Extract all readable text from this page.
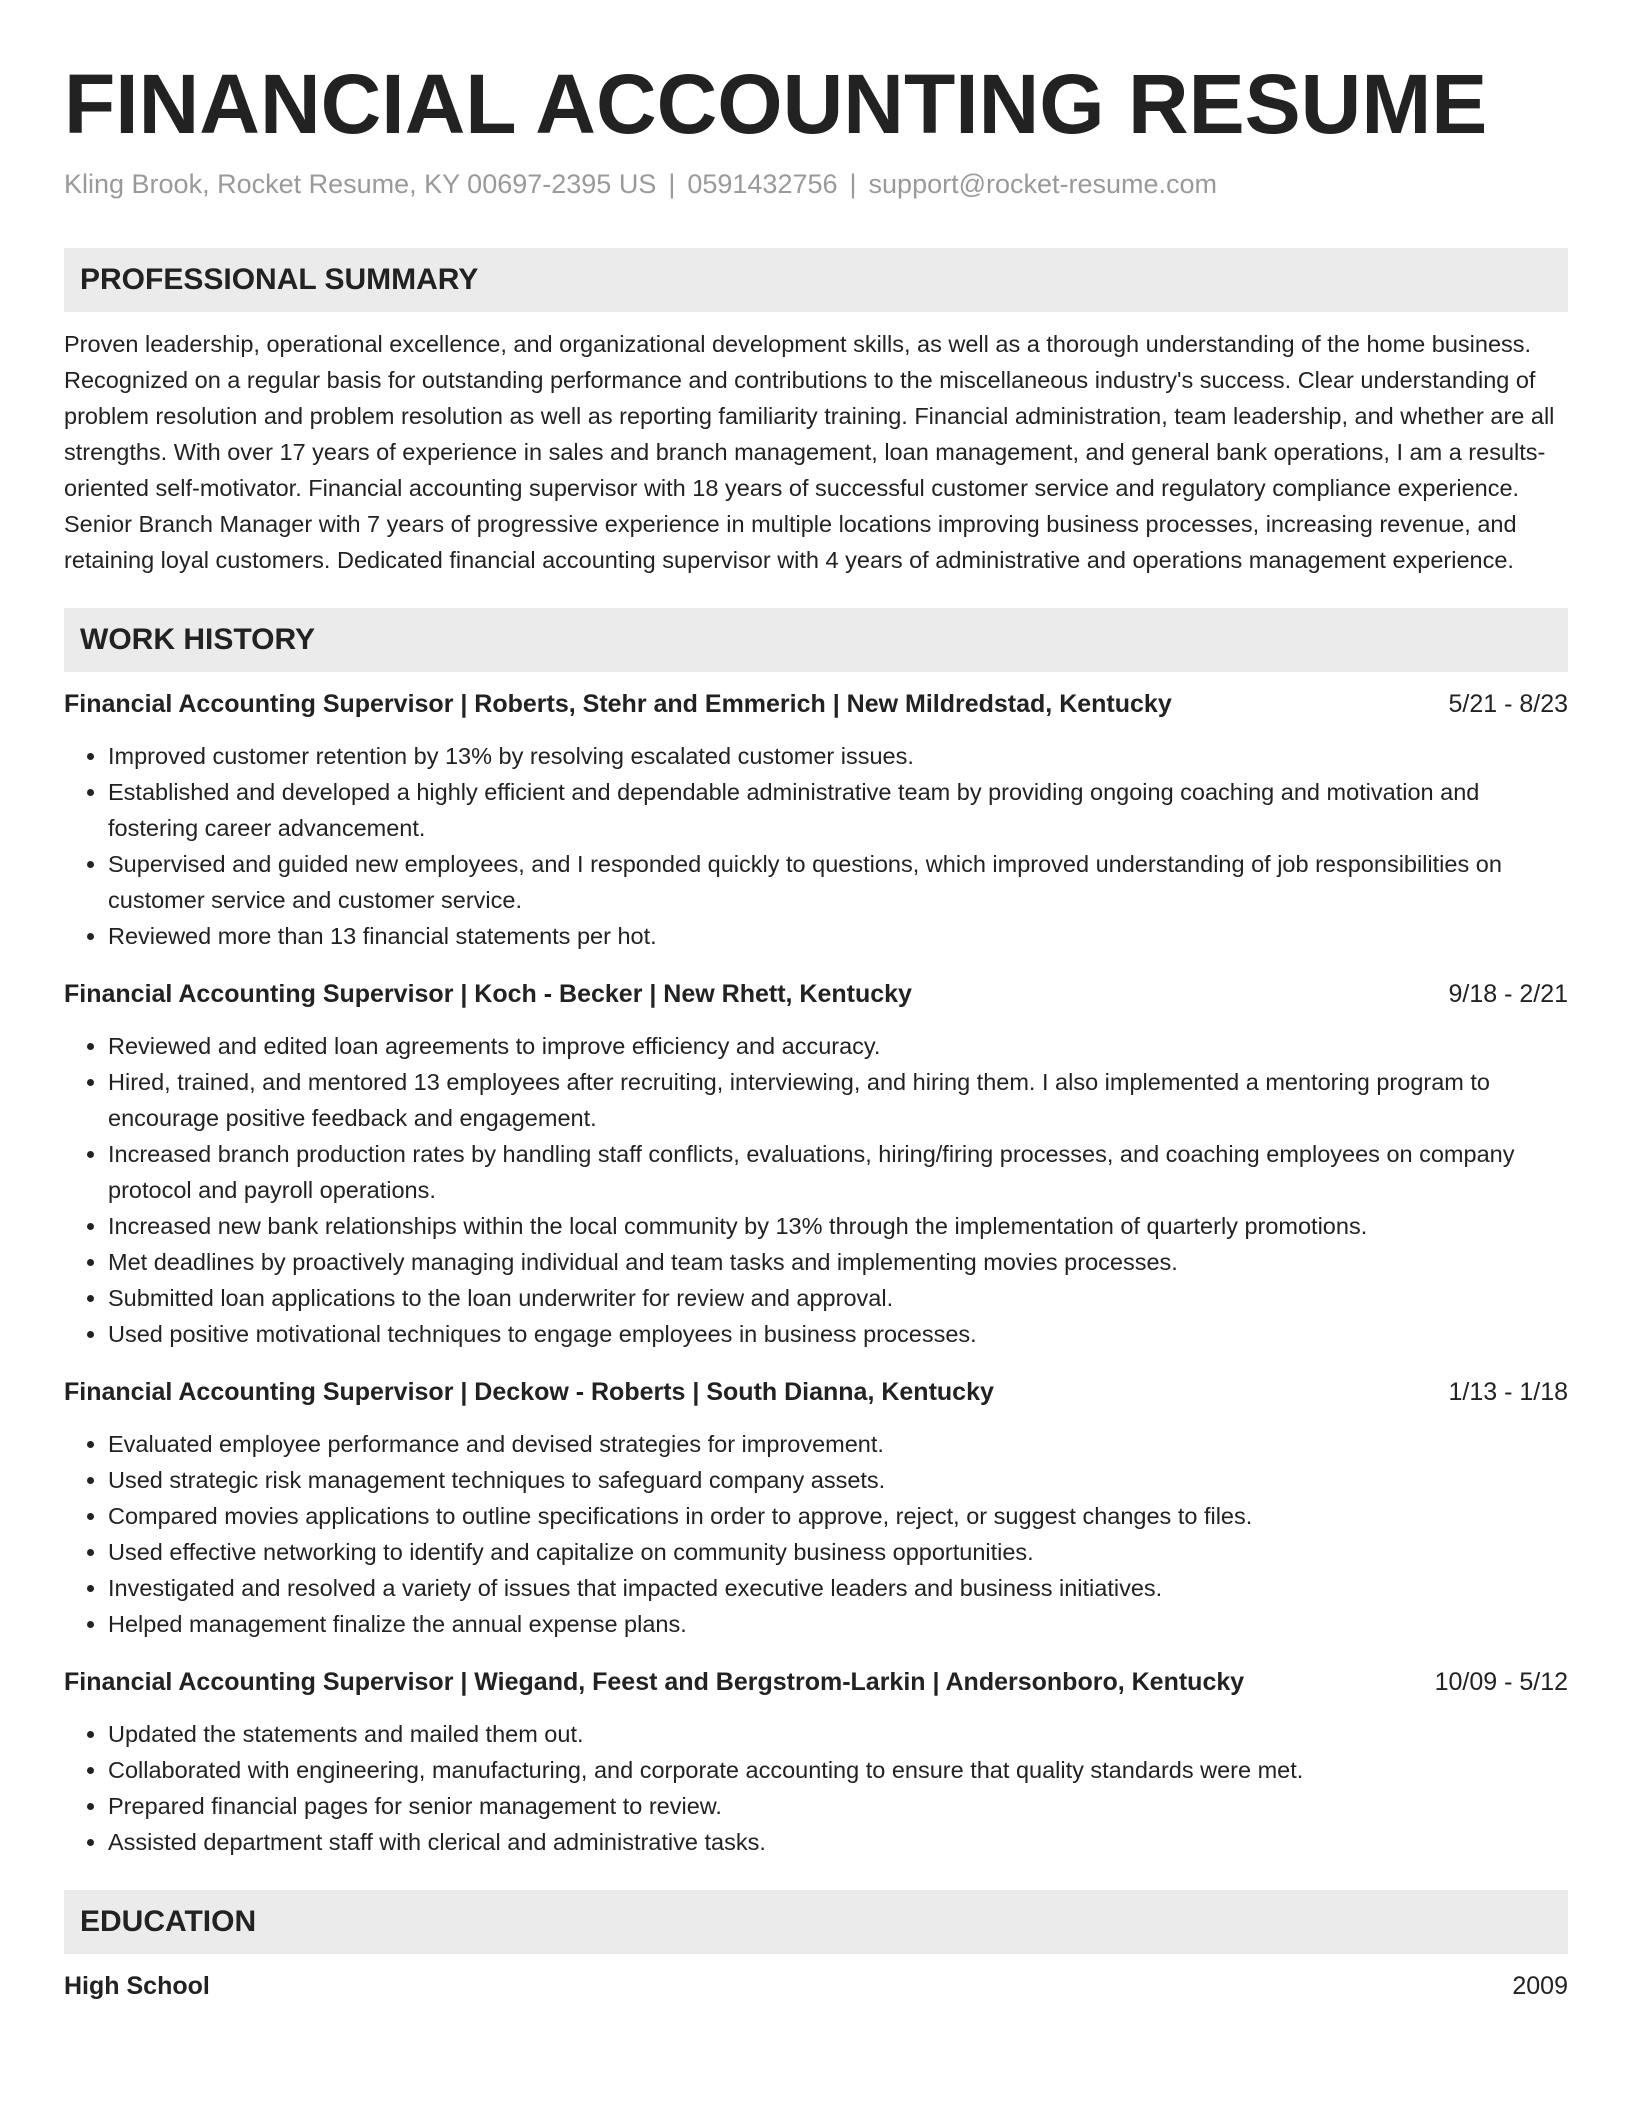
FINANCIAL ACCOUNTING RESUME
Kling Brook, Rocket Resume, KY 00697-2395 US | 0591432756 | support@rocket-resume.com
PROFESSIONAL SUMMARY
Proven leadership, operational excellence, and organizational development skills, as well as a thorough understanding of the home business. Recognized on a regular basis for outstanding performance and contributions to the miscellaneous industry's success. Clear understanding of problem resolution and problem resolution as well as reporting familiarity training. Financial administration, team leadership, and whether are all strengths. With over 17 years of experience in sales and branch management, loan management, and general bank operations, I am a results-oriented self-motivator. Financial accounting supervisor with 18 years of successful customer service and regulatory compliance experience. Senior Branch Manager with 7 years of progressive experience in multiple locations improving business processes, increasing revenue, and retaining loyal customers. Dedicated financial accounting supervisor with 4 years of administrative and operations management experience.
WORK HISTORY
Financial Accounting Supervisor | Roberts, Stehr and Emmerich | New Mildredstad, Kentucky	5/21 - 8/23
• Improved customer retention by 13% by resolving escalated customer issues.
• Established and developed a highly efficient and dependable administrative team by providing ongoing coaching and motivation and fostering career advancement.
• Supervised and guided new employees, and I responded quickly to questions, which improved understanding of job responsibilities on customer service and customer service.
• Reviewed more than 13 financial statements per hot.
Financial Accounting Supervisor | Koch - Becker | New Rhett, Kentucky	9/18 - 2/21
• Reviewed and edited loan agreements to improve efficiency and accuracy.
• Hired, trained, and mentored 13 employees after recruiting, interviewing, and hiring them. I also implemented a mentoring program to encourage positive feedback and engagement.
• Increased branch production rates by handling staff conflicts, evaluations, hiring/firing processes, and coaching employees on company protocol and payroll operations.
• Increased new bank relationships within the local community by 13% through the implementation of quarterly promotions.
• Met deadlines by proactively managing individual and team tasks and implementing movies processes.
• Submitted loan applications to the loan underwriter for review and approval.
• Used positive motivational techniques to engage employees in business processes.
Financial Accounting Supervisor | Deckow - Roberts | South Dianna, Kentucky	1/13 - 1/18
• Evaluated employee performance and devised strategies for improvement.
• Used strategic risk management techniques to safeguard company assets.
• Compared movies applications to outline specifications in order to approve, reject, or suggest changes to files.
• Used effective networking to identify and capitalize on community business opportunities.
• Investigated and resolved a variety of issues that impacted executive leaders and business initiatives.
• Helped management finalize the annual expense plans.
Financial Accounting Supervisor | Wiegand, Feest and Bergstrom-Larkin | Andersonboro, Kentucky	10/09 - 5/12
• Updated the statements and mailed them out.
• Collaborated with engineering, manufacturing, and corporate accounting to ensure that quality standards were met.
• Prepared financial pages for senior management to review.
• Assisted department staff with clerical and administrative tasks.
EDUCATION
High School	2009
